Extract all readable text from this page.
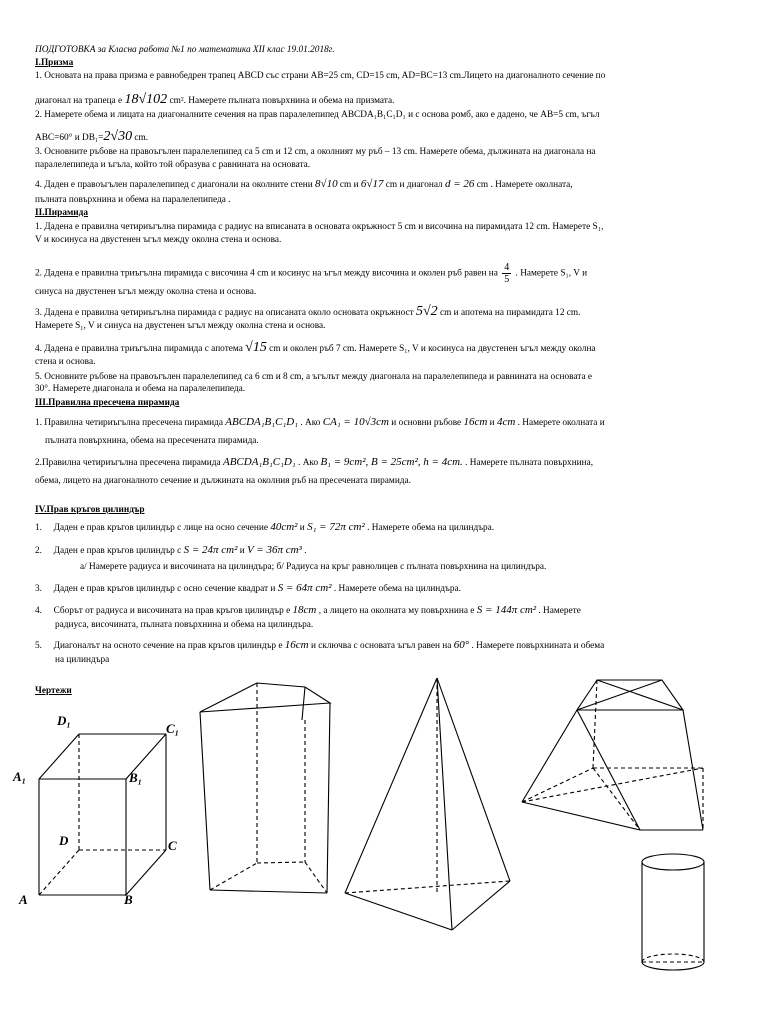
ПОДГОТОВКА за Класна работа №1 по математика XII клас 19.01.2018г.
I.Призма
1. Основата на права призма е равнобедрен трапец ABCD със страни AB=25 cm, CD=15 cm, AD=BC=13 cm.Лицето на диагоналното сечение по
диагонал на трапеца е 18√102 cm². Намерете пълната повърхнина и обема на призмата.
2. Намерете обема и лицата на диагоналните сечения на прав паралелепипед ABCDA₁B₁C₁D₁ и с основа ромб, ако е дадено, че AB=5 cm, ъгъл
ABC=60° и DB₁=2√30 cm.
3. Основните ръбове на правоъгълен паралелепипед са 5 cm и 12 cm, а околният му ръб – 13 cm. Намерете обема, дължината на диагонала на
паралелепипеда и ъгъла, който той образува с равнината на основата.
4. Даден е правоъгълен паралелепипед с диагонали на околните стени 8√10 cm и 6√17 cm и диагонал d = 26 cm . Намерете околната,
пълната повърхнина и обема на паралелепипеда .
II.Пирамида
1. Дадена е правилна четириъгълна пирамида с радиус на вписаната в основата окръжност 5 cm и височина на пирамидата 12 cm. Намерете S₁,
V и косинуса на двустенен ъгъл между околна стена и основа.
2. Дадена е правилна триъгълна пирамида с височина 4 cm и косинус на ъгъл между височина и околен ръб равен на $\frac{4}{5}$ . Намерете S₁, V и
синуса на двустенен ъгъл между околна стена и основа.
3. Дадена е правилна четириъгълна пирамида с радиус на описаната около основата окръжност 5√2 cm и апотема на пирамидата 12 cm.
Намерете S₁, V и синуса на двустенен ъгъл между околна стена и основа.
4. Дадена е правилна триъгълна пирамида с апотема √15 cm и околен ръб 7 cm. Намерете S₁, V и косинуса на двустенен ъгъл между околна
стена и основа.
5. Основните ръбове на правоъгълен паралелепипед са 6 cm и 8 cm, а ъгълът между диагонала на паралелепипеда и равнината на основата е
30°. Намерете диагонала и обема на паралелепипеда.
III.Правилна пресечена пирамида
1. Правилна четириъгълна пресечена пирамида ABCDA₁B₁C₁D₁ . Ако CA₁ = 10√3cm и основни ръбове 16cm и 4cm . Намерете околната и
пълната повърхнина, обема на пресечената пирамида.
2.Правилна четириъгълна пресечена пирамида ABCDA₁B₁C₁D₁ . Ако B₁ = 9cm², B = 25cm², h = 4cm. . Намерете пълната повърхнина,
обема, лицето на диагоналното сечение и дължината на околния ръб на пресечената пирамида.
IV.Прав кръгов цилиндър
1. Даден е прав кръгов цилиндър с лице на осно сечение 40cm² и S₁ = 72π cm² . Намерете обема на цилиндъра.
2. Даден е прав кръгов цилиндър с S = 24π cm² и V = 36π cm³ .
а/ Намерете радиуса и височината на цилиндъра; б/ Радиуса на кръг равнолицев с пълната повърхнина на цилиндъра.
3. Даден е прав кръгов цилиндър с осно сечение квадрат и S = 64π cm² . Намерете обема на цилиндъра.
4. Сборът от радиуса и височината на прав кръгов цилиндър е 18cm , а лицето на околната му повърхнина е S = 144π cm² . Намерете
радиуса, височината, пълната повърхнина и обема на цилиндъра.
5. Диагоналът на осното сечение на прав кръгов цилиндър е 16cm и сключва с основата ъгъл равен на 60° . Намерете повърхнината и обема
на цилиндъра
Чертежи
D₁
C₁
A₁	B₁
D	C
A	B
